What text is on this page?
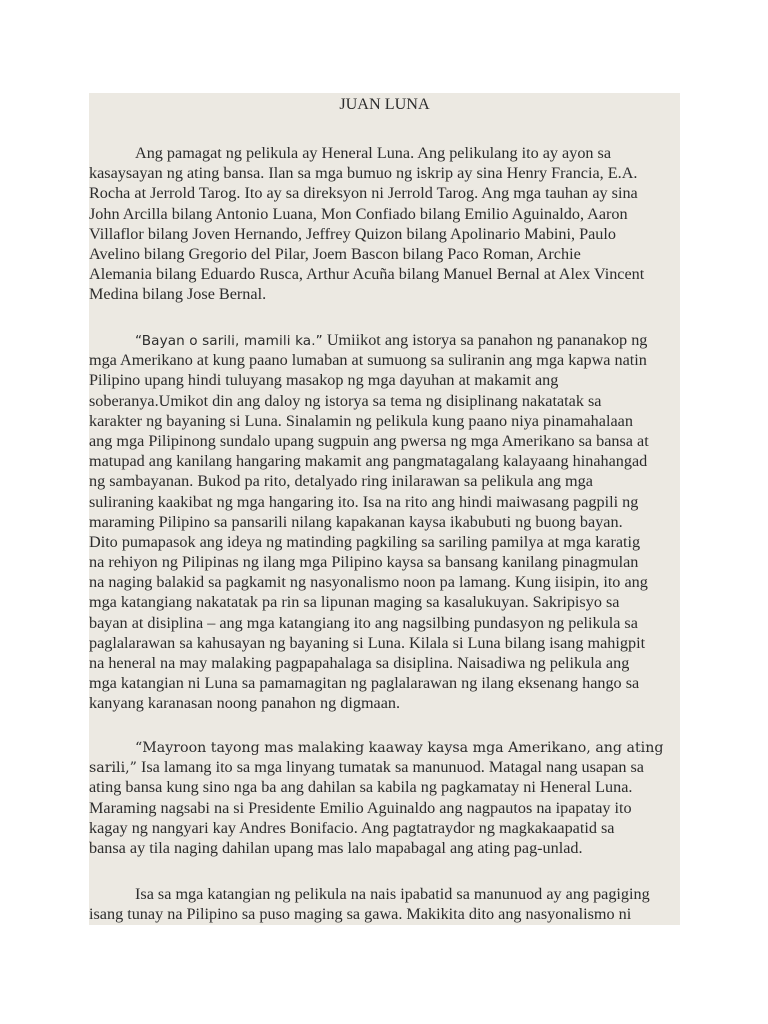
JUAN LUNA
Ang pamagat ng pelikula ay Heneral Luna. Ang pelikulang ito ay ayon sa
kasaysayan ng ating bansa. Ilan sa mga bumuo ng iskrip ay sina Henry Francia, E.A.
Rocha at Jerrold Tarog. Ito ay sa direksyon ni Jerrold Tarog. Ang mga tauhan ay sina
John Arcilla bilang Antonio Luana, Mon Confiado bilang Emilio Aguinaldo, Aaron
Villaflor bilang Joven Hernando, Jeffrey Quizon bilang Apolinario Mabini, Paulo
Avelino bilang Gregorio del Pilar, Joem Bascon bilang Paco Roman, Archie
Alemania bilang Eduardo Rusca, Arthur Acuña bilang Manuel Bernal at Alex Vincent
Medina bilang Jose Bernal.
“Bayan o sarili, mamili ka.” Umiikot ang istorya sa panahon ng pananakop ng
mga Amerikano at kung paano lumaban at sumuong sa suliranin ang mga kapwa natin
Pilipino upang hindi tuluyang masakop ng mga dayuhan at makamit ang
soberanya.Umikot din ang daloy ng istorya sa tema ng disiplinang nakatatak sa
karakter ng bayaning si Luna. Sinalamin ng pelikula kung paano niya pinamahalaan
ang mga Pilipinong sundalo upang sugpuin ang pwersa ng mga Amerikano sa bansa at
matupad ang kanilang hangaring makamit ang pangmatagalang kalayaang hinahangad
ng sambayanan. Bukod pa rito, detalyado ring inilarawan sa pelikula ang mga
suliraning kaakibat ng mga hangaring ito. Isa na rito ang hindi maiwasang pagpili ng
maraming Pilipino sa pansarili nilang kapakanan kaysa ikabubuti ng buong bayan.
Dito pumapasok ang ideya ng matinding pagkiling sa sariling pamilya at mga karatig
na rehiyon ng Pilipinas ng ilang mga Pilipino kaysa sa bansang kanilang pinagmulan
na naging balakid sa pagkamit ng nasyonalismo noon pa lamang. Kung iisipin, ito ang
mga katangiang nakatatak pa rin sa lipunan maging sa kasalukuyan. Sakripisyo sa
bayan at disiplina – ang mga katangiang ito ang nagsilbing pundasyon ng pelikula sa
paglalarawan sa kahusayan ng bayaning si Luna. Kilala si Luna bilang isang mahigpit
na heneral na may malaking pagpapahalaga sa disiplina. Naisadiwa ng pelikula ang
mga katangian ni Luna sa pamamagitan ng paglalarawan ng ilang eksenang hango sa
kanyang karanasan noong panahon ng digmaan.
“Mayroon tayong mas malaking kaaway kaysa mga Amerikano, ang ating
sarili,” Isa lamang ito sa mga linyang tumatak sa manunuod. Matagal nang usapan sa
ating bansa kung sino nga ba ang dahilan sa kabila ng pagkamatay ni Heneral Luna.
Maraming nagsabi na si Presidente Emilio Aguinaldo ang nagpautos na ipapatay ito
kagay ng nangyari kay Andres Bonifacio. Ang pagtatraydor ng magkakaapatid sa
bansa ay tila naging dahilan upang mas lalo mapabagal ang ating pag-unlad.
Isa sa mga katangian ng pelikula na nais ipabatid sa manunuod ay ang pagiging
isang tunay na Pilipino sa puso maging sa gawa. Makikita dito ang nasyonalismo ni
